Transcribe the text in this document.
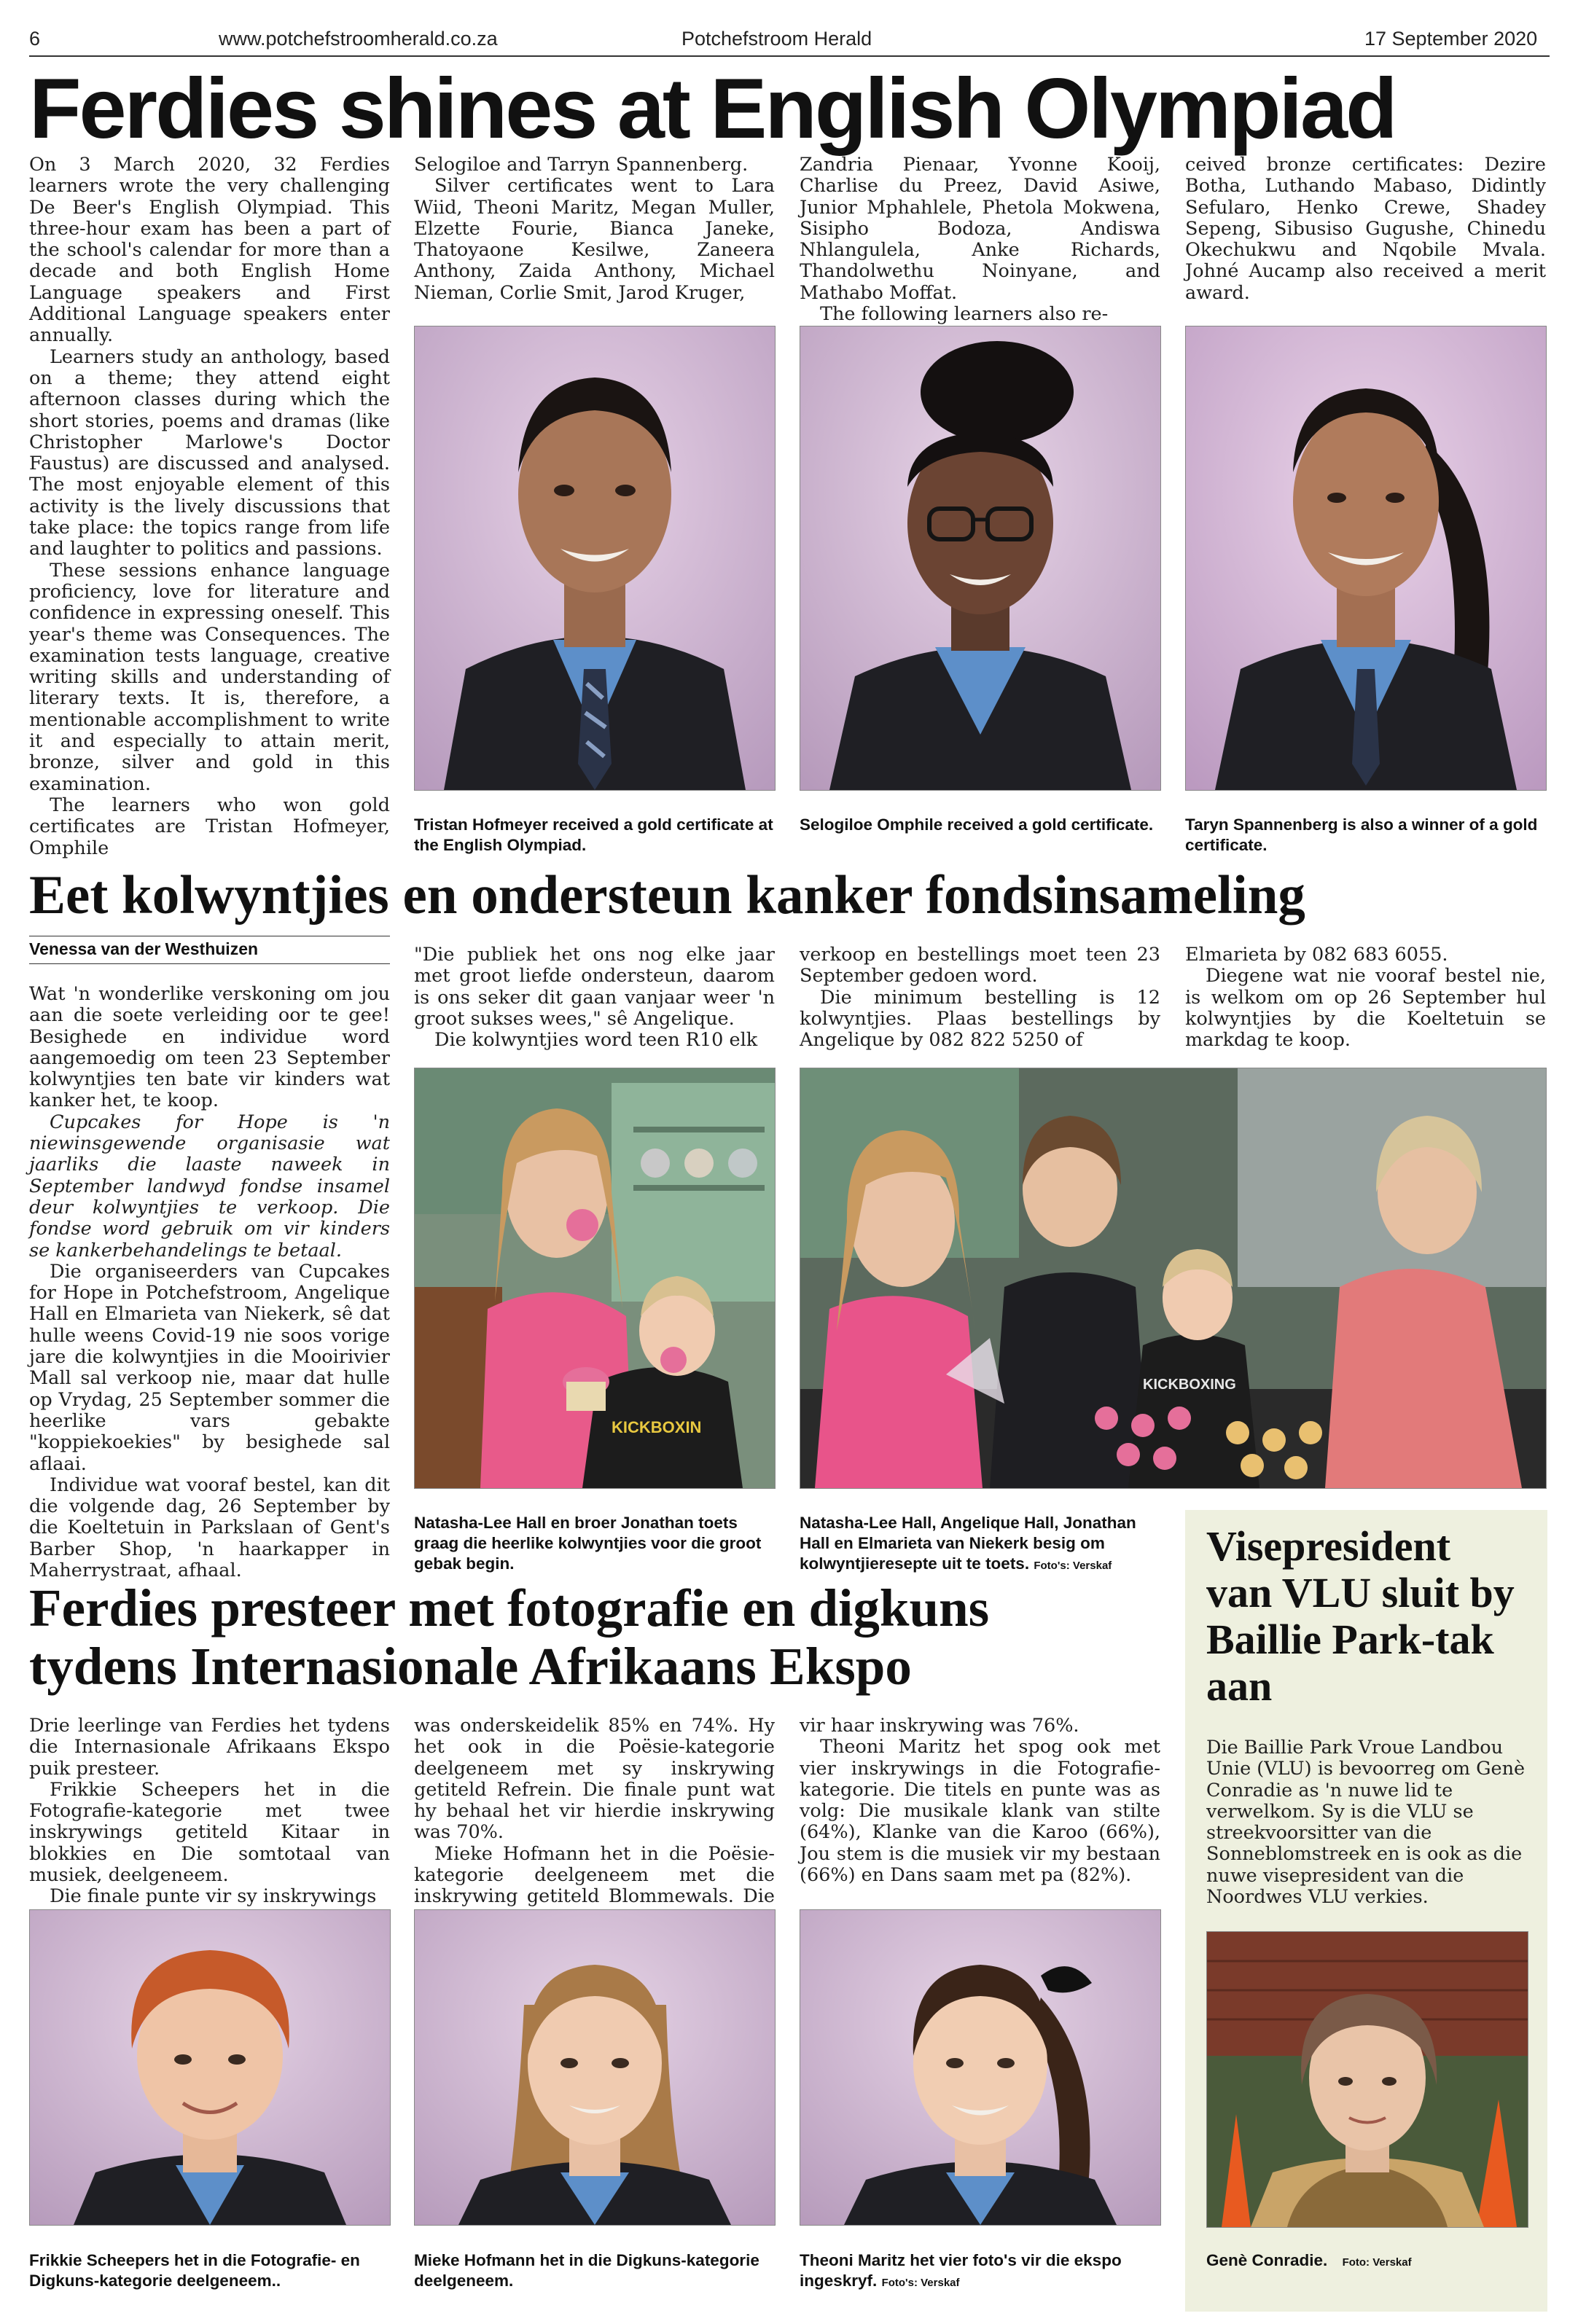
6	www.potchefstroomherald.co.za	Potchefstroom Herald	17 September 2020
Ferdies shines at English Olympiad

On 3 March 2020, 32 Ferdies learners wrote the very challenging De Beer's English Olympiad. This three-hour exam has been a part of the school's calendar for more than a decade and both English Home Language speakers and First Additional Language speakers enter annually.

Learners study an anthology, based on a theme; they attend eight afternoon classes during which the short stories, poems and dramas (like Christopher Marlowe's Doctor Faustus) are discussed and analysed. The most enjoyable element of this activity is the lively discussions that take place: the topics range from life and laughter to politics and passions.

These sessions enhance language proficiency, love for literature and confidence in expressing oneself. This year's theme was Consequences. The examination tests language, creative writing skills and understanding of literary texts. It is, therefore, a mentionable accomplishment to write it and especially to attain merit, bronze, silver and gold in this examination.

The learners who won gold certificates are Tristan Hofmeyer, Omphile

Selogiloe and Tarryn Spannenberg.

Silver certificates went to Lara Wiid, Theoni Maritz, Megan Muller, Elzette Fourie, Bianca Janeke, Thatoyaone Kesilwe, Zaneera Anthony, Zaida Anthony, Michael Nieman, Corlie Smit, Jarod Kruger,

Zandria Pienaar, Yvonne Kooij, Charlise du Preez, David Asiwe, Junior Mphahlele, Phetola Mokwena, Sisipho Bodoza, Andiswa Nhlangulela, Anke Richards, Thandolwethu Noinyane, and Mathabo Moffat.

The following learners also re-

ceived bronze certificates: Dezire Botha, Luthando Mabaso, Didintly Sefularo, Henko Crewe, Shadey Sepeng, Sibusiso Gugushe, Chinedu Okechukwu and Nqobile Mvala. Johné Aucamp also received a merit award.

Tristan Hofmeyer received a gold certificate at the English Olympiad.
Selogiloe Omphile received a gold certificate.	Taryn Spannenberg is also a winner of a gold certificate.
Eet kolwyntjies en ondersteun kanker fondsinsameling
Venessa van der Westhuizen

Wat 'n wonderlike verskoning om jou aan die soete verleiding oor te gee! Besighede en individue word aangemoedig om teen 23 September kolwyntjies ten bate vir kinders wat kanker het, te koop.

Cupcakes for Hope is 'n niewinsgewende organisasie wat jaarliks die laaste naweek in September landwyd fondse insamel deur kolwyntjies te verkoop. Die fondse word gebruik om vir kinders se kankerbehandelings te betaal.

Die organiseerders van Cupcakes for Hope in Potchefstroom, Angelique Hall en Elmarieta van Niekerk, sê dat hulle weens Covid-19 nie soos vorige jare die kolwyntjies in die Mooirivier Mall sal verkoop nie, maar dat hulle op Vrydag, 25 September sommer die heerlike vars gebakte "koppiekoekies" by besighede sal aflaai.

Individue wat vooraf bestel, kan dit die volgende dag, 26 September by die Koeltetuin in Parkslaan of Gent's Barber Shop, 'n haarkapper in Maherrystraat, afhaal.

"Die publiek het ons nog elke jaar met groot liefde ondersteun, daarom is ons seker dit gaan vanjaar weer 'n groot sukses wees," sê Angelique.

Die kolwyntjies word teen R10 elk

verkoop en bestellings moet teen 23 September gedoen word.

Die minimum bestelling is 12 kolwyntjies. Plaas bestellings by Angelique by 082 822 5250 of

Elmarieta by 082 683 6055.

Diegene wat nie vooraf bestel nie, is welkom om op 26 September hul kolwyntjies by die Koeltetuin se markdag te koop.

KICKBOXIN
KICKBOXING
Natasha-Lee Hall en broer Jonathan toets graag die heerlike kolwyntjies voor die groot gebak begin.
Natasha-Lee Hall, Angelique Hall, Jonathan Hall en Elmarieta van Niekerk besig om kolwyntjieresepte uit te toets. Foto's: Verskaf
Ferdies presteer met fotografie en digkuns
tydens Internasionale Afrikaans Ekspo

Drie leerlinge van Ferdies het tydens die Internasionale Afrikaans Ekspo puik presteer.

Frikkie Scheepers het in die Fotografie-kategorie met twee inskrywings getiteld Kitaar in blokkies en Die somtotaal van musiek, deelgeneem.

Die finale punte vir sy inskrywings

was onderskeidelik 85% en 74%. Hy het ook in die Poësie-kategorie deelgeneem met sy inskrywing getiteld Refrein. Die finale punt wat hy behaal het vir hierdie inskrywing was 70%.

Mieke Hofmann het in die Poësie-kategorie deelgeneem met die inskrywing getiteld Blommewals. Die

vir haar inskrywing was 76%.

Theoni Maritz het spog ook met vier inskrywings in die Fotografie-kategorie. Die titels en punte was as volg: Die musikale klank van stilte (64%), Klanke van die Karoo (66%), Jou stem is die musiek vir my bestaan (66%) en Dans saam met pa (82%).

Frikkie Scheepers het in die Fotografie- en Digkuns-kategorie deelgeneem..
Mieke Hofmann het in die Digkuns-kategorie deelgeneem.
Theoni Maritz het vier foto's vir die ekspo ingeskryf. Foto's: Verskaf
Visepresident van VLU sluit by Baillie Park-tak aan

Die Baillie Park Vroue Landbou Unie (VLU) is bevoorreg om Genè Conradie as 'n nuwe lid te verwelkom. Sy is die VLU se streekvoorsitter van die Sonneblomstreek en is ook as die nuwe visepresident van die Noordwes VLU verkies.

Genè Conradie. Foto: Verskaf
